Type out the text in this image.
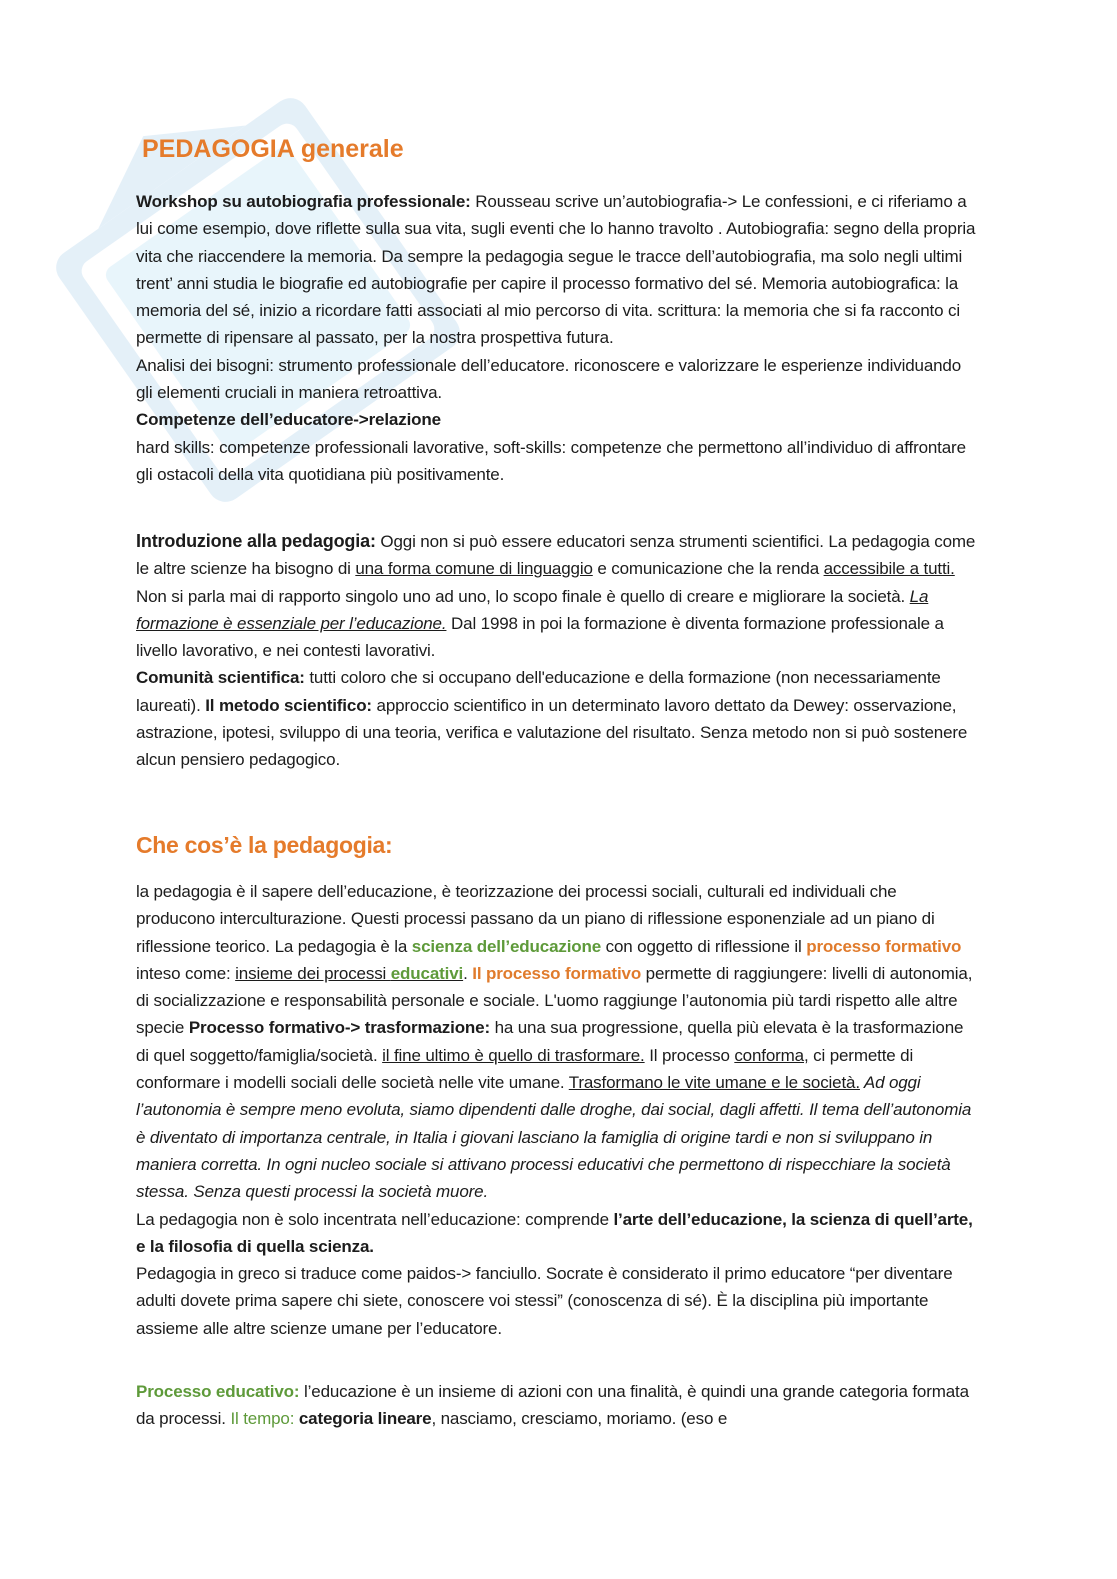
PEDAGOGIA generale

Workshop su autobiografia professionale: Rousseau scrive un’autobiografia-> Le confessioni, e ci riferiamo a lui come esempio, dove riflette sulla sua vita, sugli eventi che lo hanno travolto . Autobiografia: segno della propria vita che riaccendere la memoria. Da sempre la pedagogia segue le tracce dell’autobiografia, ma solo negli ultimi trent’ anni studia le biografie ed autobiografie per capire il processo formativo del sé. Memoria autobiografica: la memoria del sé, inizio a ricordare fatti associati al mio percorso di vita. scrittura: la memoria che si fa racconto ci permette di ripensare al passato, per la nostra prospettiva futura.
Analisi dei bisogni: strumento professionale dell’educatore. riconoscere e valorizzare le esperienze individuando gli elementi cruciali in maniera retroattiva.
Competenze dell’educatore->relazione
hard skills: competenze professionali lavorative, soft-skills: competenze che permettono all’individuo di affrontare gli ostacoli della vita quotidiana più positivamente.

Introduzione alla pedagogia: Oggi non si può essere educatori senza strumenti scientifici. La pedagogia come le altre scienze ha bisogno di una forma comune di linguaggio e comunicazione che la renda accessibile a tutti. Non si parla mai di rapporto singolo uno ad uno, lo scopo finale è quello di creare e migliorare la società. La formazione è essenziale per l’educazione. Dal 1998 in poi la formazione è diventa formazione professionale a livello lavorativo, e nei contesti lavorativi.
Comunità scientifica: tutti coloro che si occupano dell'educazione e della formazione (non necessariamente laureati). Il metodo scientifico: approccio scientifico in un determinato lavoro dettato da Dewey: osservazione, astrazione, ipotesi, sviluppo di una teoria, verifica e valutazione del risultato. Senza metodo non si può sostenere alcun pensiero pedagogico.

Che cos’è la pedagogia:

la pedagogia è il sapere dell’educazione, è teorizzazione dei processi sociali, culturali ed individuali che producono interculturazione. Questi processi passano da un piano di riflessione esponenziale ad un piano di riflessione teorico. La pedagogia è la scienza dell’educazione con oggetto di riflessione il processo formativo inteso come: insieme dei processi educativi. Il processo formativo permette di raggiungere: livelli di autonomia, di socializzazione e responsabilità personale e sociale. L'uomo raggiunge l’autonomia più tardi rispetto alle altre specie Processo formativo-> trasformazione: ha una sua progressione, quella più elevata è la trasformazione di quel soggetto/famiglia/società. il fine ultimo è quello di trasformare. Il processo conforma, ci permette di conformare i modelli sociali delle società nelle vite umane. Trasformano le vite umane e le società. Ad oggi l’autonomia è sempre meno evoluta, siamo dipendenti dalle droghe, dai social, dagli affetti. Il tema dell’autonomia è diventato di importanza centrale, in Italia i giovani lasciano la famiglia di origine tardi e non si sviluppano in maniera corretta. In ogni nucleo sociale si attivano processi educativi che permettono di rispecchiare la società stessa. Senza questi processi la società muore.
La pedagogia non è solo incentrata nell’educazione: comprende l’arte dell’educazione, la scienza di quell’arte, e la filosofia di quella scienza.
Pedagogia in greco si traduce come paidos-> fanciullo. Socrate è considerato il primo educatore “per diventare adulti dovete prima sapere chi siete, conoscere voi stessi” (conoscenza di sé). È la disciplina più importante assieme alle altre scienze umane per l’educatore.

Processo educativo: l’educazione è un insieme di azioni con una finalità, è quindi una grande categoria formata da processi. Il tempo: categoria lineare, nasciamo, cresciamo, moriamo. (eso e
